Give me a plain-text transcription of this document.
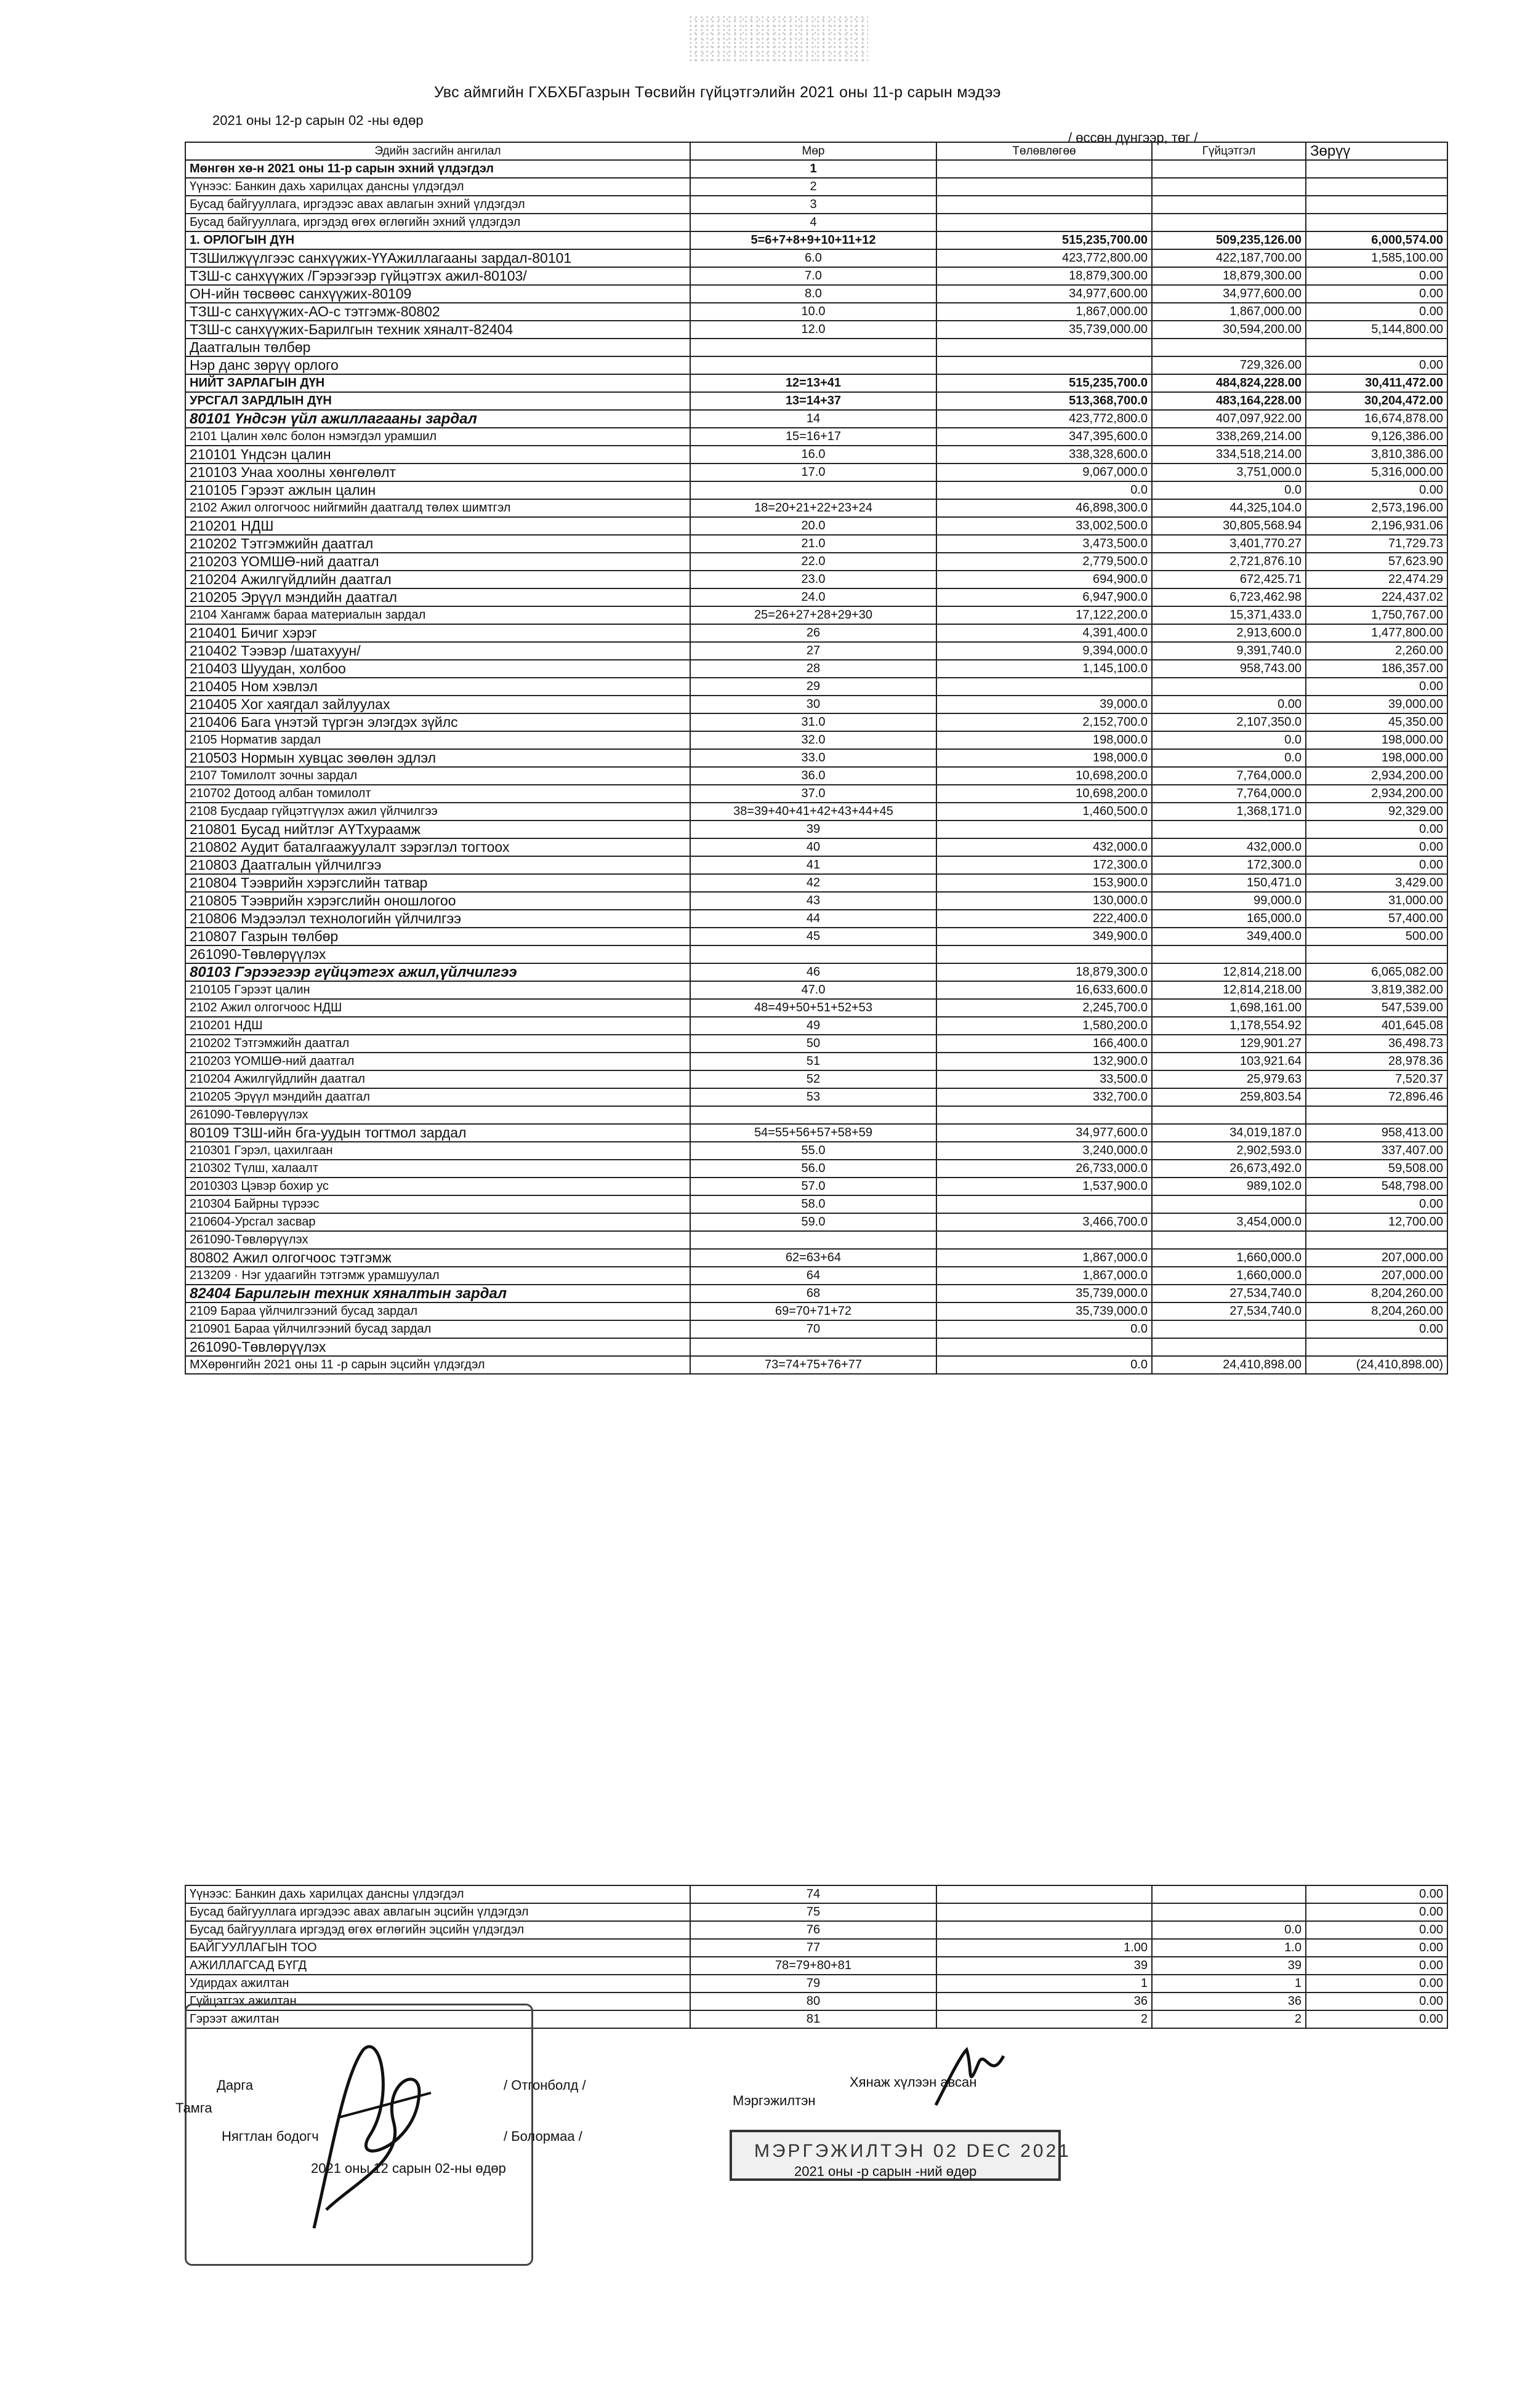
Увс аймгийн ГХБХБГазрын Төсвийн гүйцэтгэлийн 2021 оны 11-р сарын мэдээ
2021 оны 12-р сарын 02 -ны өдөр
/ өссөн дүнгээр, төг /
Эдийн засгийн ангилал	Мөр	Төлөвлөгөө	Гүйцэтгэл	Зөрүү
Мөнгөн хө-н 2021 оны 11-р сарын эхний үлдэгдэл	1			
Үүнээс: Банкин дахь харилцах дансны үлдэгдэл	2			
Бусад байгууллага, иргэдээс авах авлагын эхний үлдэгдэл	3			
Бусад байгууллага, иргэдэд өгөх өглөгийн эхний үлдэгдэл	4			
1. ОРЛОГЫН ДҮН	5=6+7+8+9+10+11+12	515,235,700.00	509,235,126.00	6,000,574.00
ТЗШилжүүлгээс санхүүжих-ҮҮАжиллагааны зардал-80101	6.0	423,772,800.00	422,187,700.00	1,585,100.00
ТЗШ-с санхүүжих /Гэрээгээр гүйцэтгэх ажил-80103/	7.0	18,879,300.00	18,879,300.00	0.00
ОН-ийн төсвөөс санхүүжих-80109	8.0	34,977,600.00	34,977,600.00	0.00
ТЗШ-с санхүүжих-АО-с тэтгэмж-80802	10.0	1,867,000.00	1,867,000.00	0.00
ТЗШ-с санхүүжих-Барилгын техник хяналт-82404	12.0	35,739,000.00	30,594,200.00	5,144,800.00
Даатгалын төлбөр				
Нэр данс зөрүү орлого			729,326.00	0.00
НИЙТ ЗАРЛАГЫН ДҮН	12=13+41	515,235,700.0	484,824,228.00	30,411,472.00
УРСГАЛ ЗАРДЛЫН ДҮН	13=14+37	513,368,700.0	483,164,228.00	30,204,472.00
80101 Үндсэн үйл ажиллагааны зардал	14	423,772,800.0	407,097,922.00	16,674,878.00
2101 Цалин хөлс болон нэмэгдэл урамшил	15=16+17	347,395,600.0	338,269,214.00	9,126,386.00
210101 Үндсэн цалин	16.0	338,328,600.0	334,518,214.00	3,810,386.00
210103 Унаа хоолны хөнгөлөлт	17.0	9,067,000.0	3,751,000.0	5,316,000.00
210105 Гэрээт ажлын цалин		0.0	0.0	0.00
2102 Ажил олгогчоос нийгмийн даатгалд төлөх шимтгэл	18=20+21+22+23+24	46,898,300.0	44,325,104.0	2,573,196.00
210201 НДШ	20.0	33,002,500.0	30,805,568.94	2,196,931.06
210202 Тэтгэмжийн даатгал	21.0	3,473,500.0	3,401,770.27	71,729.73
210203 ҮОМШӨ-ний даатгал	22.0	2,779,500.0	2,721,876.10	57,623.90
210204 Ажилгүйдлийн даатгал	23.0	694,900.0	672,425.71	22,474.29
210205 Эрүүл мэндийн даатгал	24.0	6,947,900.0	6,723,462.98	224,437.02
2104 Хангамж бараа материалын зардал	25=26+27+28+29+30	17,122,200.0	15,371,433.0	1,750,767.00
210401 Бичиг хэрэг	26	4,391,400.0	2,913,600.0	1,477,800.00
210402 Тээвэр /шатахуун/	27	9,394,000.0	9,391,740.0	2,260.00
210403 Шуудан, холбоо	28	1,145,100.0	958,743.00	186,357.00
210405 Ном хэвлэл	29			0.00
210405 Хог хаягдал зайлуулах	30	39,000.0	0.00	39,000.00
210406 Бага үнэтэй түргэн элэгдэх зүйлс	31.0	2,152,700.0	2,107,350.0	45,350.00
2105 Норматив зардал	32.0	198,000.0	0.0	198,000.00
210503 Нормын хувцас зөөлөн эдлэл	33.0	198,000.0	0.0	198,000.00
2107 Томилолт зочны зардал	36.0	10,698,200.0	7,764,000.0	2,934,200.00
210702 Дотоод албан томилолт	37.0	10,698,200.0	7,764,000.0	2,934,200.00
2108 Бусдаар гүйцэтгүүлэх ажил үйлчилгээ	38=39+40+41+42+43+44+45	1,460,500.0	1,368,171.0	92,329.00
210801 Бусад нийтлэг АҮТхураамж	39			0.00
210802 Аудит баталгаажуулалт зэрэглэл тогтоох	40	432,000.0	432,000.0	0.00
210803 Даатгалын үйлчилгээ	41	172,300.0	172,300.0	0.00
210804 Тээврийн хэрэгслийн татвар	42	153,900.0	150,471.0	3,429.00
210805 Тээврийн хэрэгслийн оношлогоо	43	130,000.0	99,000.0	31,000.00
210806 Мэдээлэл технологийн үйлчилгээ	44	222,400.0	165,000.0	57,400.00
210807 Газрын төлбөр	45	349,900.0	349,400.0	500.00
261090-Төвлөрүүлэх				
80103 Гэрээгээр гүйцэтгэх ажил,үйлчилгээ	46	18,879,300.0	12,814,218.00	6,065,082.00
210105 Гэрээт цалин	47.0	16,633,600.0	12,814,218.00	3,819,382.00
2102 Ажил олгогчоос НДШ	48=49+50+51+52+53	2,245,700.0	1,698,161.00	547,539.00
210201 НДШ	49	1,580,200.0	1,178,554.92	401,645.08
210202 Тэтгэмжийн даатгал	50	166,400.0	129,901.27	36,498.73
210203 ҮОМШӨ-ний даатгал	51	132,900.0	103,921.64	28,978.36
210204 Ажилгүйдлийн даатгал	52	33,500.0	25,979.63	7,520.37
210205 Эрүүл мэндийн даатгал	53	332,700.0	259,803.54	72,896.46
261090-Төвлөрүүлэх				
80109 ТЗШ-ийн бга-уудын тогтмол зардал	54=55+56+57+58+59	34,977,600.0	34,019,187.0	958,413.00
210301 Гэрэл, цахилгаан	55.0	3,240,000.0	2,902,593.0	337,407.00
210302 Түлш, халаалт	56.0	26,733,000.0	26,673,492.0	59,508.00
2010303 Цэвэр бохир ус	57.0	1,537,900.0	989,102.0	548,798.00
210304 Байрны түрээс	58.0			0.00
210604-Урсгал засвар	59.0	3,466,700.0	3,454,000.0	12,700.00
261090-Төвлөрүүлэх				
80802 Ажил олгогчоос тэтгэмж	62=63+64	1,867,000.0	1,660,000.0	207,000.00
213209 · Нэг удаагийн тэтгэмж урамшуулал	64	1,867,000.0	1,660,000.0	207,000.00
82404 Барилгын техник хяналтын зардал	68	35,739,000.0	27,534,740.0	8,204,260.00
2109 Бараа үйлчилгээний бусад зардал	69=70+71+72	35,739,000.0	27,534,740.0	8,204,260.00
210901 Бараа үйлчилгээний бусад зардал	70	0.0		0.00
261090-Төвлөрүүлэх				
МХөрөнгийн 2021 оны 11 -р сарын эцсийн үлдэгдэл	73=74+75+76+77	0.0	24,410,898.00	(24,410,898.00)
Үүнээс: Банкин дахь харилцах дансны үлдэгдэл	74			0.00
Бусад байгууллага иргэдээс авах авлагын эцсийн үлдэгдэл	75			0.00
Бусад байгууллага иргэдэд өгөх өглөгийн эцсийн үлдэгдэл	76		0.0	0.00
БАЙГУУЛЛАГЫН ТОО	77	1.00	1.0	0.00
АЖИЛЛАГСАД БҮГД	78=79+80+81	39	39	0.00
Удирдах ажилтан	79	1	1	0.00
Гүйцэтгэх ажилтан	80	36	36	0.00
Гэрээт ажилтан	81	2	2	0.00
Дарга	/ Отгонболд /
Тамга
Нягтлан бодогч	/ Болормаа /
2021 оны 12 сарын 02-ны өдөр
Хянаж хүлээн авсан
Мэргэжилтэн
МЭРГЭЖИЛТЭН 02 DEC 2021
2021 оны -р сарын -ний өдөр
